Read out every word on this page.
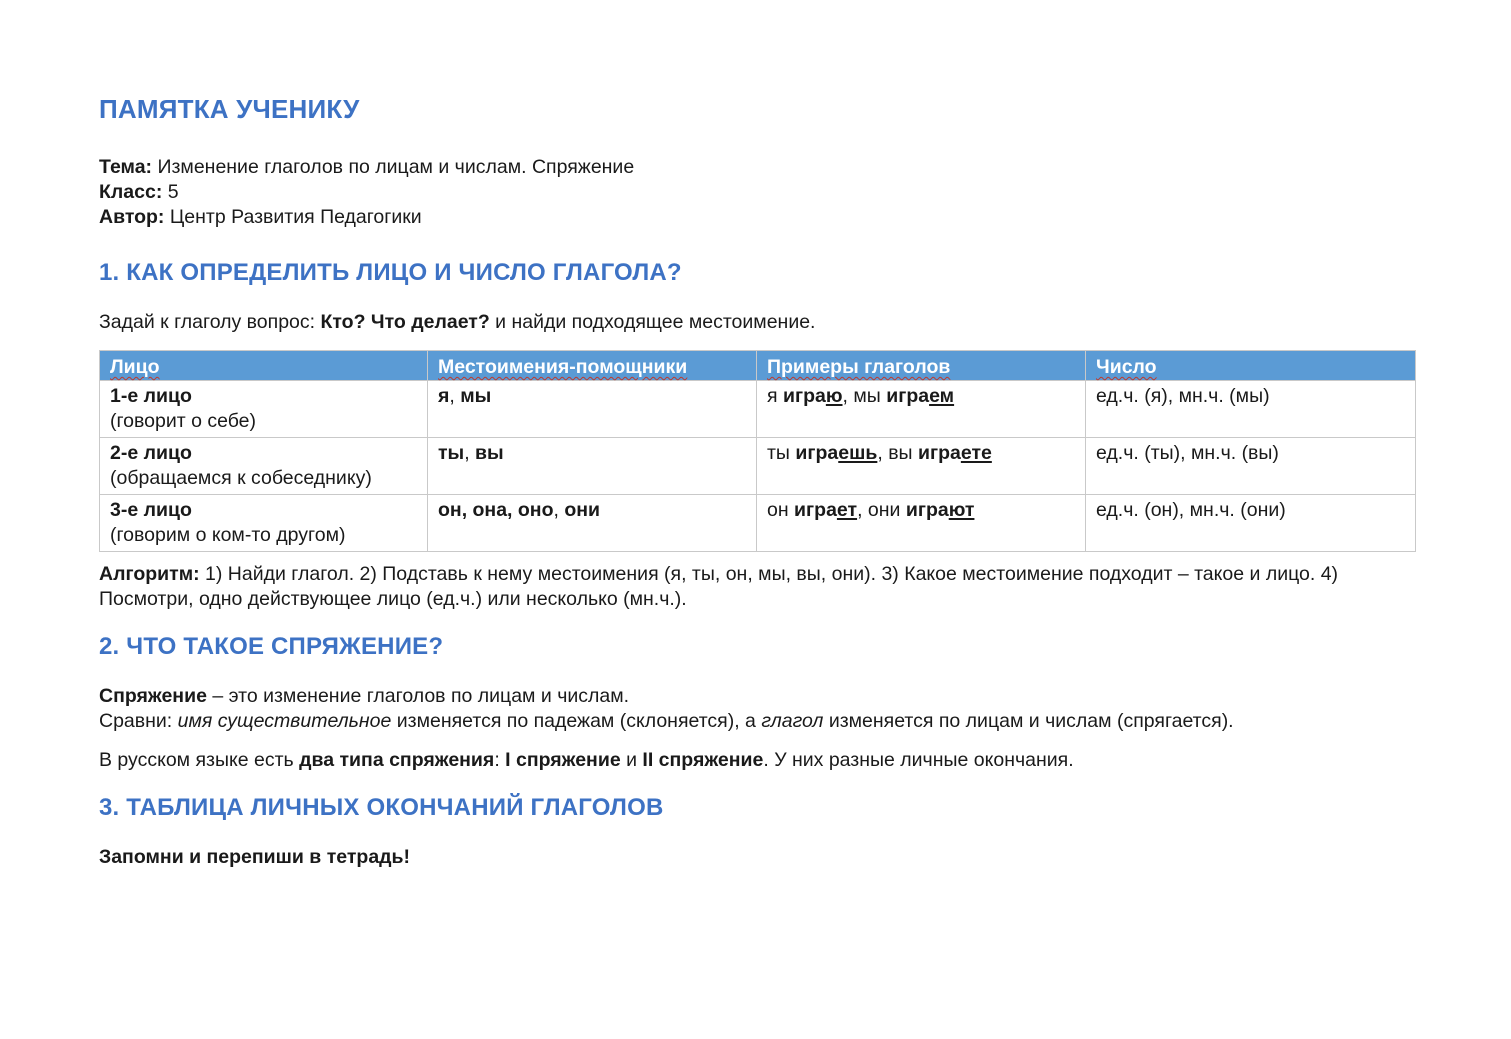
ПАМЯТКА УЧЕНИКУ

Тема: Изменение глаголов по лицам и числам. Спряжение

Класс: 5

Автор: Центр Развития Педагогики

1. КАК ОПРЕДЕЛИТЬ ЛИЦО И ЧИСЛО ГЛАГОЛА?

Задай к глаголу вопрос: Кто? Что делает? и найди подходящее местоимение.

Лицо	Местоимения-помощники	Примеры глаголов	Число
1-е лицо
(говорит о себе)	я, мы	я играю, мы играем	ед.ч. (я), мн.ч. (мы)
2-е лицо
(обращаемся к собеседнику)	ты, вы	ты играешь, вы играете	ед.ч. (ты), мн.ч. (вы)
3-е лицо
(говорим о ком-то другом)	он, она, оно, они	он играет, они играют	ед.ч. (он), мн.ч. (они)

Алгоритм: 1) Найди глагол. 2) Подставь к нему местоимения (я, ты, он, мы, вы, они). 3) Какое местоимение подходит – такое и лицо. 4) Посмотри, одно действующее лицо (ед.ч.) или несколько (мн.ч.).

2. ЧТО ТАКОЕ СПРЯЖЕНИЕ?

Спряжение – это изменение глаголов по лицам и числам.

Сравни: имя существительное изменяется по падежам (склоняется), а глагол изменяется по лицам и числам (спрягается).

В русском языке есть два типа спряжения: I спряжение и II спряжение. У них разные личные окончания.

3. ТАБЛИЦА ЛИЧНЫХ ОКОНЧАНИЙ ГЛАГОЛОВ

Запомни и перепиши в тетрадь!
